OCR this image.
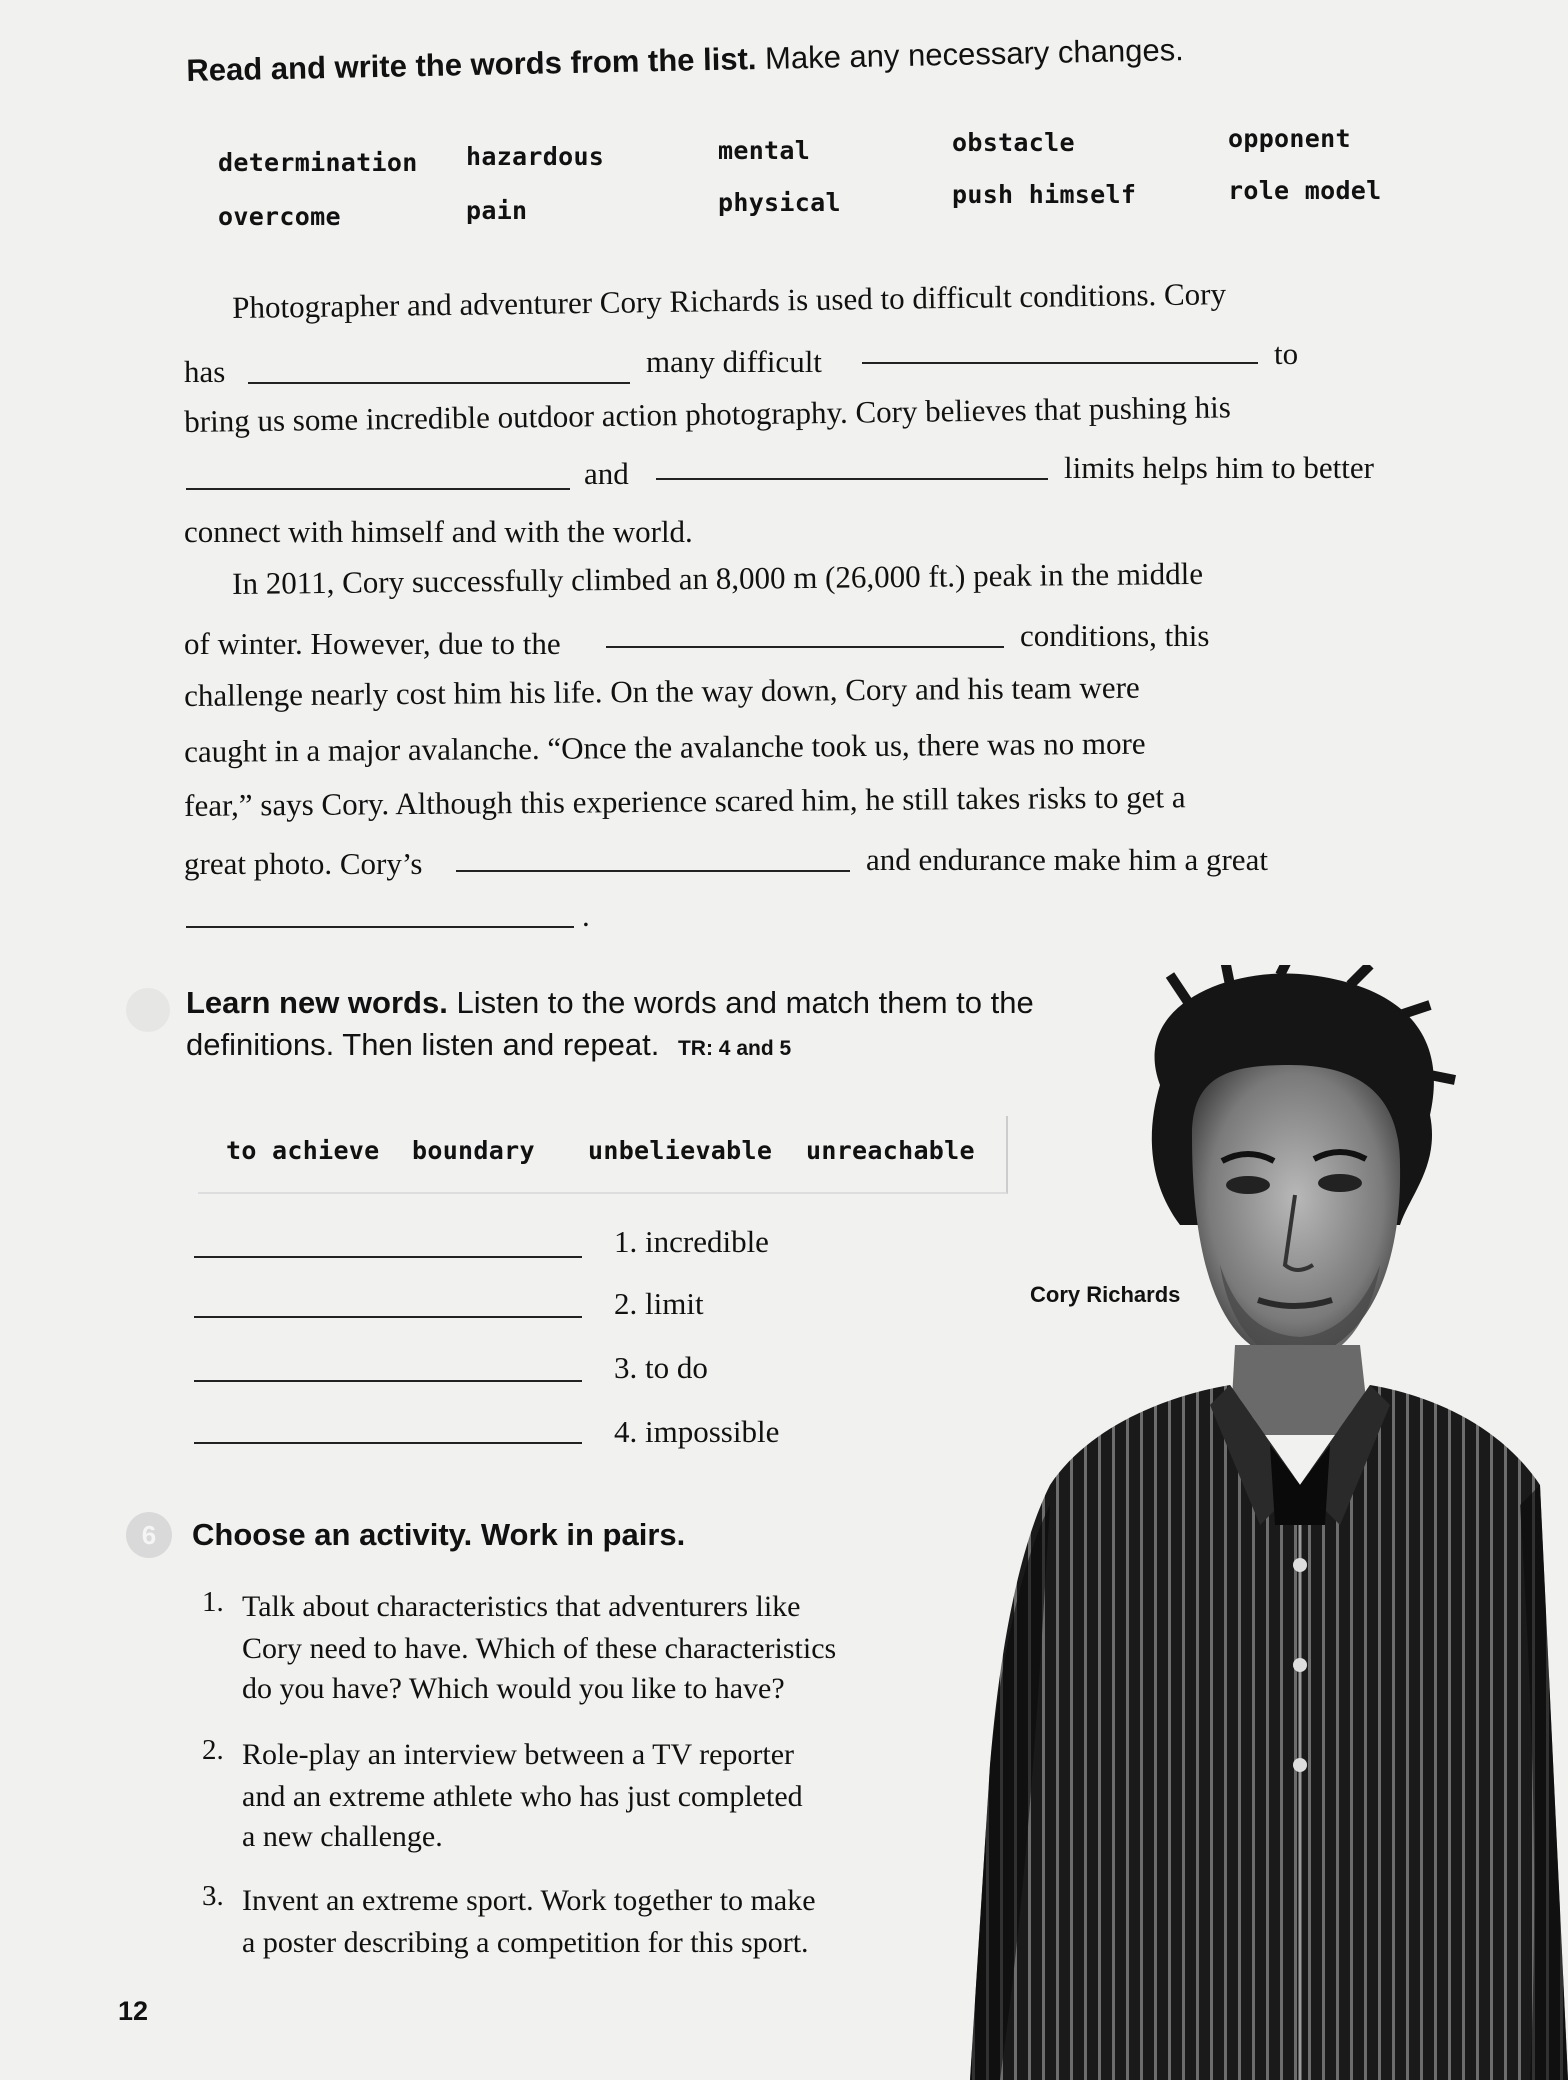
Read and write the words from the list. Make any necessary changes.
determination hazardous	mental	obstacle	opponent
overcome	pain	physical	push himself	role model
Photographer and adventurer Cory Richards is used to difficult conditions. Cory
has	many difficult	to
bring us some incredible outdoor action photography. Cory believes that pushing his
and	limits helps him to better
connect with himself and with the world.
In 2011, Cory successfully climbed an 8,000 m (26,000 ft.) peak in the middle
of winter. However, due to the	conditions, this
challenge nearly cost him his life. On the way down, Cory and his team were
caught in a major avalanche. “Once the avalanche took us, there was no more
fear,” says Cory. Although this experience scared him, he still takes risks to get a
great photo. Cory’s	and endurance make him a great
.
Learn new words. Listen to the words and match them to the
definitions. Then listen and repeat. TR: 4 and 5
to achieve boundary unbelievable unreachable
1. incredible
2. limit
3. to do
4. impossible
6	Choose an activity. Work in pairs.
1. Talk about characteristics that adventurers like
Cory need to have. Which of these characteristics
do you have? Which would you like to have?
2. Role-play an interview between a TV reporter
and an extreme athlete who has just completed
a new challenge.
3. Invent an extreme sport. Work together to make
a poster describing a competition for this sport.
12
Cory Richards
